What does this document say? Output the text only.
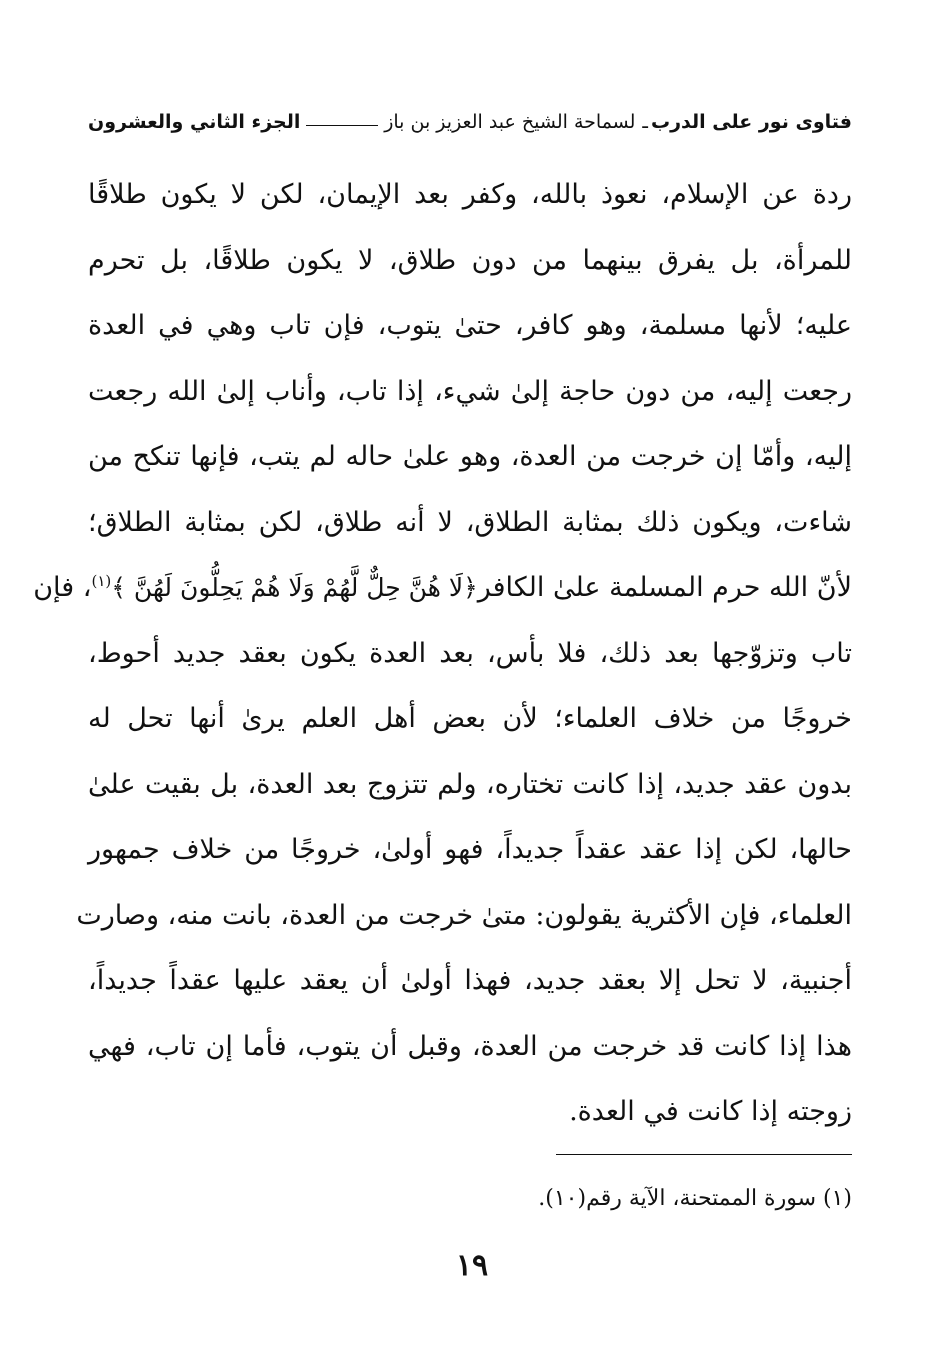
فتاوى نور على الدرب
ـ
لسماحة الشيخ عبد العزيز بن باز
الجزء الثاني والعشرون
ردة عن الإسلام، نعوذ بالله، وكفر بعد الإيمان، لكن لا يكون طلاقًا
للمرأة، بل يفرق بينهما من دون طلاق، لا يكون طلاقًا، بل تحرم
عليه؛ لأنها مسلمة، وهو كافر، حتىٰ يتوب، فإن تاب وهي في العدة
رجعت إليه، من دون حاجة إلىٰ شيء، إذا تاب، وأناب إلىٰ الله رجعت
إليه، وأمّا إن خرجت من العدة، وهو علىٰ حاله لم يتب، فإنها تنكح من
شاءت، ويكون ذلك بمثابة الطلاق، لا أنه طلاق، لكن بمثابة الطلاق؛
لأنّ الله حرم المسلمة علىٰ الكافر﴿لَا هُنَّ حِلٌّ لَّهُمْ وَلَا هُمْ يَحِلُّونَ لَهُنَّ ﴾$^{(١)}$، فإن
تاب وتزوّجها بعد ذلك، فلا بأس، بعد العدة يكون بعقد جديد أحوط،
خروجًا من خلاف العلماء؛ لأن بعض أهل العلم يرىٰ أنها تحل له
بدون عقد جديد، إذا كانت تختاره، ولم تتزوج بعد العدة، بل بقيت علىٰ
حالها، لكن إذا عقد عقداً جديداً، فهو أولىٰ، خروجًا من خلاف جمهور
العلماء، فإن الأكثرية يقولون: متىٰ خرجت من العدة، بانت منه، وصارت
أجنبية، لا تحل إلا بعقد جديد، فهذا أولىٰ أن يعقد عليها عقداً جديداً،
هذا إذا كانت قد خرجت من العدة، وقبل أن يتوب، فأما إن تاب، فهي
زوجته إذا كانت في العدة.
(١) سورة الممتحنة، الآية رقم(١٠).
١٩
